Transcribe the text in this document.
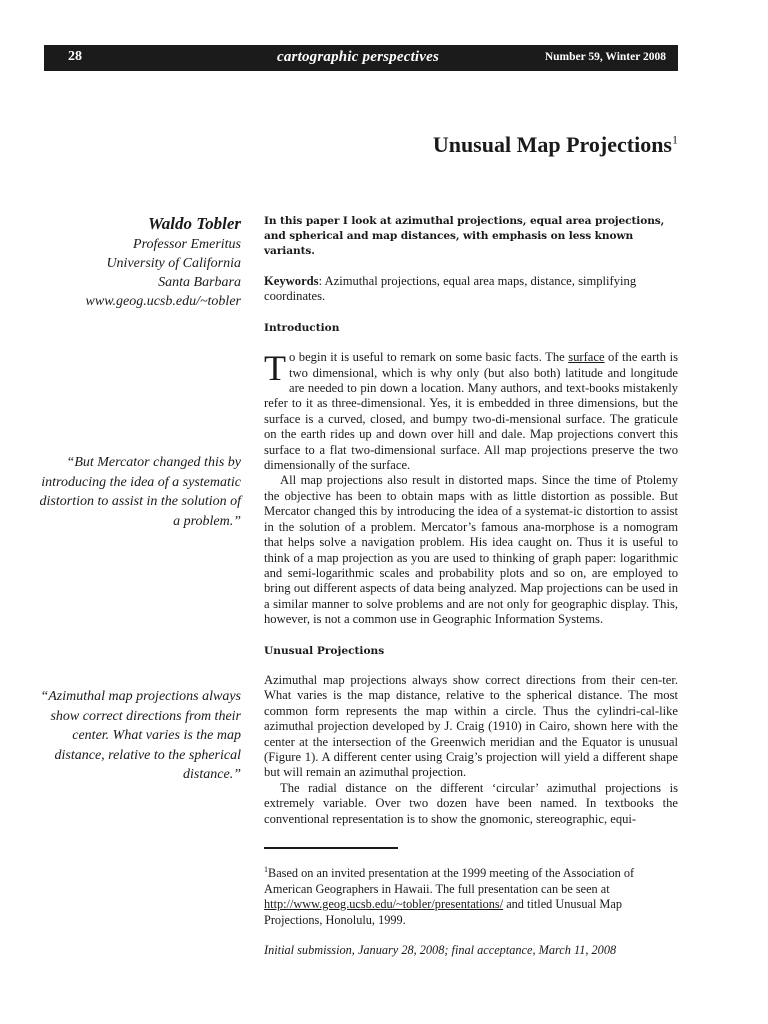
28	cartographic perspectives	Number 59, Winter 2008
Unusual Map Projections$^1$
Waldo Tobler
Professor Emeritus
University of California
Santa Barbara
www.geog.ucsb.edu/~tobler
“But Mercator changed this by introducing the idea of a systematic distortion to assist in the solution of a problem.”
“Azimuthal map projections always show correct directions from their center. What varies is the map distance, relative to the spherical distance.”

In this paper I look at azimuthal projections, equal area projections, and spherical and map distances, with emphasis on less known variants.

Keywords: Azimuthal projections, equal area maps, distance, simplifying coordinates.

Introduction

To begin it is useful to remark on some basic facts. The surface of the earth is two dimensional, which is why only (but also both) latitude and longitude are needed to pin down a location. Many authors, and text-books mistakenly refer to it as three-dimensional. Yes, it is embedded in three dimensions, but the surface is a curved, closed, and bumpy two-di-mensional surface. The graticule on the earth rides up and down over hill and dale. Map projections convert this surface to a flat two-dimensional surface. All map projections preserve the two dimensionally of the surface.

All map projections also result in distorted maps. Since the time of Ptolemy the objective has been to obtain maps with as little distortion as possible. But Mercator changed this by introducing the idea of a systemat-ic distortion to assist in the solution of a problem. Mercator’s famous ana-morphose is a nomogram that helps solve a navigation problem. His idea caught on. Thus it is useful to think of a map projection as you are used to thinking of graph paper: logarithmic and semi-logarithmic scales and probability plots and so on, are employed to bring out different aspects of data being analyzed. Map projections can be used in a similar manner to solve problems and are not only for geographic display. This, however, is not a common use in Geographic Information Systems.

Unusual Projections

Azimuthal map projections always show correct directions from their cen-ter. What varies is the map distance, relative to the spherical distance. The most common form represents the map within a circle. Thus the cylindri-cal-like azimuthal projection developed by J. Craig (1910) in Cairo, shown here with the center at the intersection of the Greenwich meridian and the Equator is unusual (Figure 1). A different center using Craig’s projection will yield a different shape but will remain an azimuthal projection.

The radial distance on the different ‘circular’ azimuthal projections is extremely variable. Over two dozen have been named. In textbooks the conventional representation is to show the gnomonic, stereographic, equi-

$^1$Based on an invited presentation at the 1999 meeting of the Association of American Geographers in Hawaii. The full presentation can be seen at http://www.geog.ucsb.edu/~tobler/presentations/ and titled Unusual Map Projections, Honolulu, 1999.
Initial submission, January 28, 2008; final acceptance, March 11, 2008
